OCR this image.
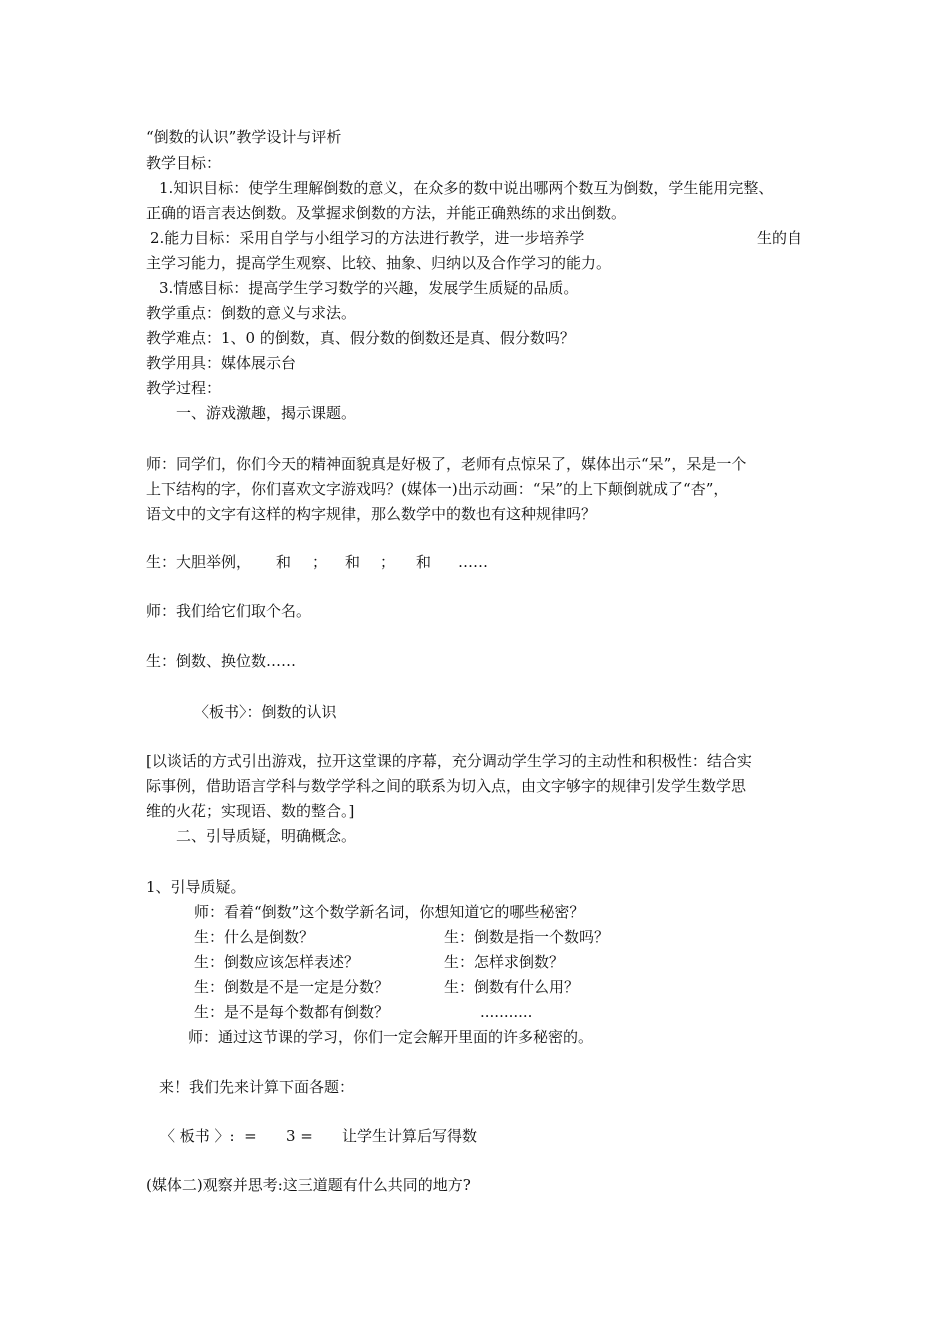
“倒数的认识”教学设计与评析
教学目标：
1.知识目标：使学生理解倒数的意义，在众多的数中说出哪两个数互为倒数，学生能用完整、
正确的语言表达倒数。及掌握求倒数的方法，并能正确熟练的求出倒数。
2.能力目标：采用自学与小组学习的方法进行教学，进一步培养学	生的自
主学习能力，提高学生观察、比较、抽象、归纳以及合作学习的能力。
3.情感目标：提高学生学习数学的兴趣，发展学生质疑的品质。
教学重点：倒数的意义与求法。
教学难点：1、0 的倒数，真、假分数的倒数还是真、假分数吗？
教学用具：媒体展示台
教学过程：
一、游戏激趣，揭示课题。
师：同学们，你们今天的精神面貌真是好极了，老师有点惊呆了，媒体出示“呆”，呆是一个
上下结构的字，你们喜欢文字游戏吗？(媒体一)出示动画：“呆”的上下颠倒就成了“杏”，
语文中的文字有这样的构字规律，那么数学中的数也有这种规律吗？

生：大胆举例，

和

；

和

；

和

……

师：我们给它们取个名。
生：倒数、换位数……
〈板书〉：倒数的认识
[以谈话的方式引出游戏，拉开这堂课的序幕，充分调动学生学习的主动性和积极性：结合实
际事例，借助语言学科与数学学科之间的联系为切入点，由文字够字的规律引发学生数学思
维的火花；实现语、数的整合。]
二、引导质疑，明确概念。
1、引导质疑。
师：看着“倒数”这个数学新名词，你想知道它的哪些秘密？

生：什么是倒数？

	生：倒数是指一个数吗？

生：倒数应该怎样表述？

	生：怎样求倒数？

生：倒数是不是一定是分数？

	生：倒数有什么用？

生：是不是每个数都有倒数？

	...........

师：通过这节课的学习，你们一定会解开里面的许多秘密的。
来！我们先来计算下面各题：

〈 板书 〉:  =

3 =

让学生计算后写得数

(媒体二)观察并思考:这三道题有什么共同的地方?
